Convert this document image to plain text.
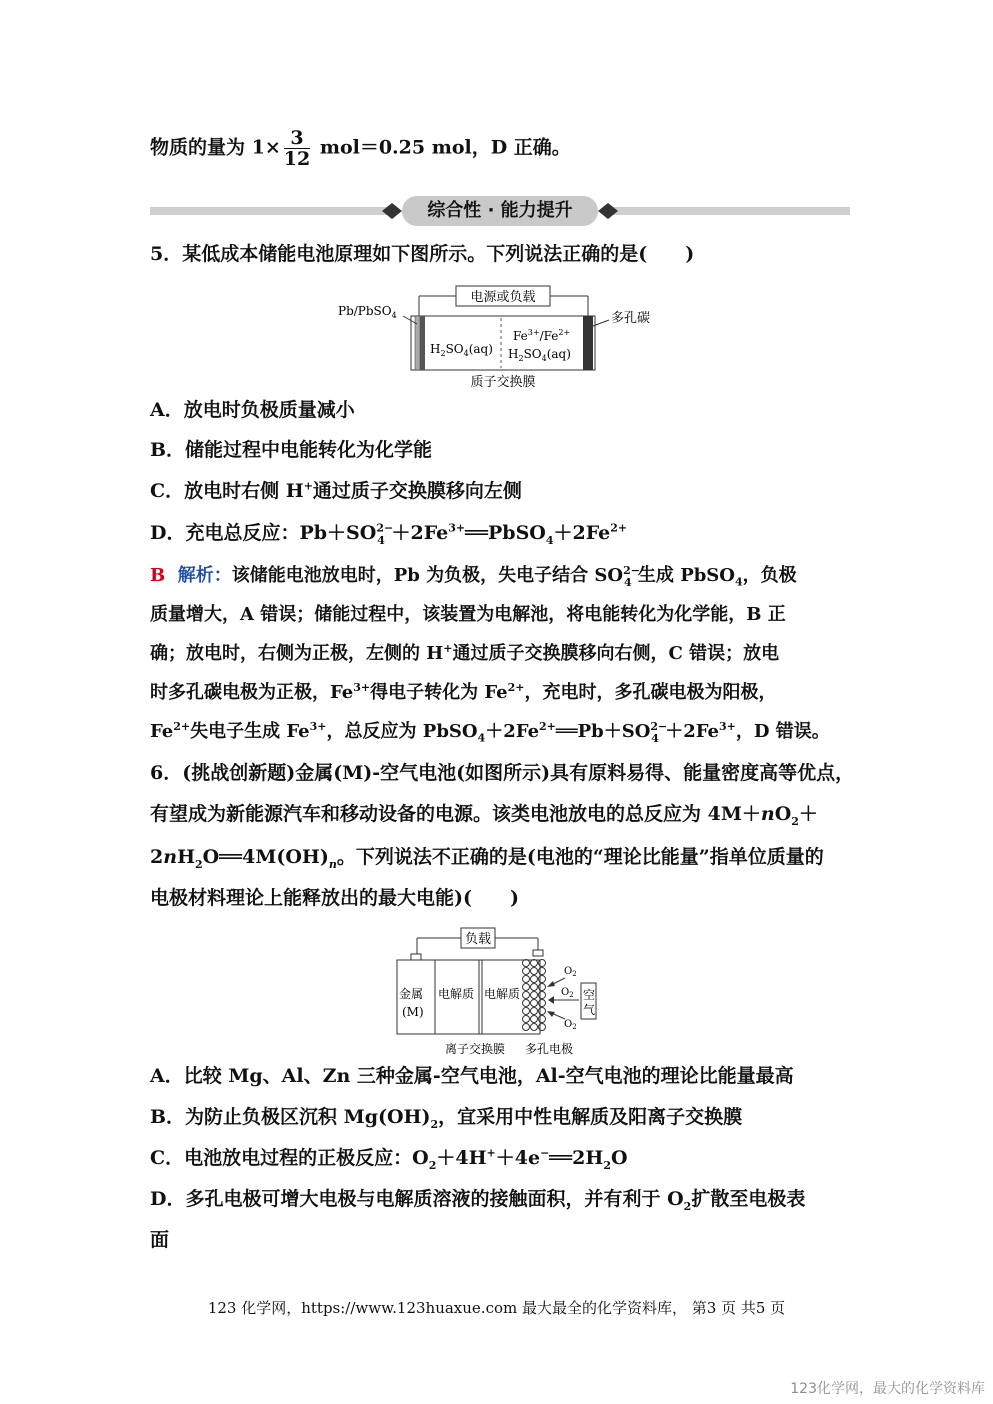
物质的量为 $1\times \frac{3}{12} mol=0.25$ mol，D 正确。
综合性 · 能力提升
5．某低成本储能电池原理如下图所示。下列说法正确的是(　　)
电源或负载
Pb/PbSO$_4$	多孔碳
$H_2SO_4(aq)$
$Fe^{3+}/Fe^{2+}$
$H_2SO_4(aq)$
质子交换膜
A．放电时负极质量减小
B．储能过程中电能转化为化学能
C．放电时右侧 H+通过质子交换膜移向左侧
D．充电总反应：$Pb+SO^{2-}_4$ $+2Fe^{3+}══PbSO_4+2Fe^{2+}$
B 解析：该储能电池放电时，Pb 为负极，失电子结合 $SO^{2-}_4$ 生成 PbSO$_4$，负极
质量增大，A 错误；储能过程中，该装置为电解池，将电能转化为化学能，B 正
确；放电时，右侧为正极，左侧的 H+通过质子交换膜移向右侧，C 错误；放电
时多孔碳电极为正极，$Fe^{3+}$得电子转化为 $Fe^{2+}$，充电时，多孔碳电极为阳极，
$Fe^{2+}$失电子生成 $Fe^{3+}$，总反应为 $PbSO_4+2Fe^{2+}══Pb+SO^{2-}_4 +2Fe^{3+}$，D 错误。
6．(挑战创新题)金属(M)-空气电池(如图所示)具有原料易得、能量密度高等优点，
有望成为新能源汽车和移动设备的电源。该类电池放电的总反应为 $4M+nO_2+$
$2nH_2O══4M(OH)_n$。下列说法不正确的是(电池的“理论比能量”指单位质量的
电极材料理论上能释放出的最大电能)(　　)
负载
金属
(M)
电解质 电解质	空
气
$O_2$
$O_2$
$O_2$
离子交换膜 多孔电极
A．比较 Mg、Al、Zn 三种金属-空气电池，Al-空气电池的理论比能量最高
B．为防止负极区沉积 $Mg(OH)_2$，宜采用中性电解质及阳离子交换膜
C．电池放电过程的正极反应：$O_2+4H^++4e^-══2H_2O$
D．多孔电极可增大电极与电解质溶液的接触面积，并有利于 $O_2$扩散至电极表
面
123 化学网，https://www.123huaxue.com 最大最全的化学资料库， 第3 页 共5 页
123化学网，最大的化学资料库
